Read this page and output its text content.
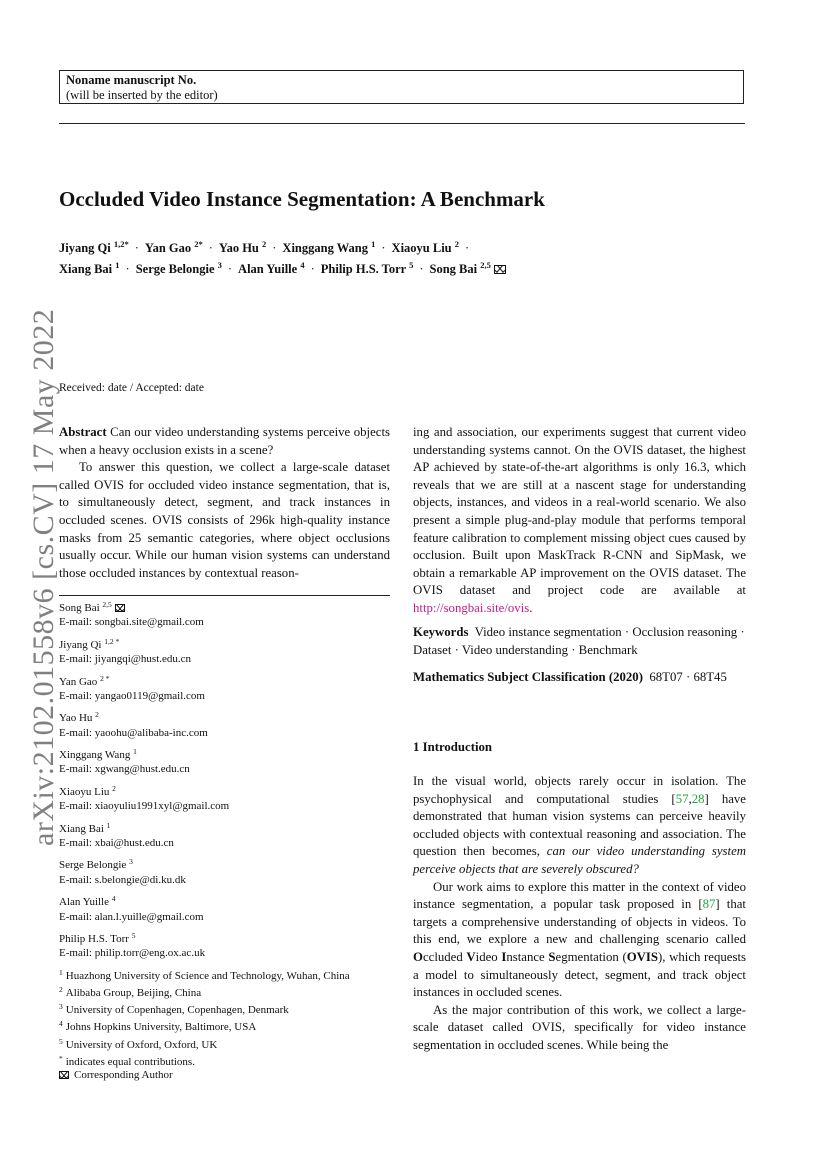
Noname manuscript No.
(will be inserted by the editor)
arXiv:2102.01558v6 [cs.CV] 17 May 2022
Occluded Video Instance Segmentation: A Benchmark
Jiyang Qi $^{1,2*}$ · Yan Gao $^{2*}$ · Yao Hu $^2$ · Xinggang Wang $^1$ · Xiaoyu Liu $^2$ ·
Xiang Bai $^1$ · Serge Belongie $^3$ · Alan Yuille $^4$ · Philip H.S. Torr $^5$ · Song Bai $^{2,5}$
Received: date / Accepted: date

Abstract Can our video understanding systems perceive objects when a heavy occlusion exists in a scene?

To answer this question, we collect a large-scale dataset called OVIS for occluded video instance segmentation, that is, to simultaneously detect, segment, and track instances in occluded scenes. OVIS consists of 296k high-quality instance masks from 25 semantic categories, where object occlusions usually occur. While our human vision systems can understand those occluded instances by contextual reason-

Song Bai $^{2,5}$
E-mail: songbai.site@gmail.com
Jiyang Qi $^{1,2 *}$
E-mail: jiyangqi@hust.edu.cn
Yan Gao $^{2 *}$
E-mail: yangao0119@gmail.com
Yao Hu $^2$
E-mail: yaoohu@alibaba-inc.com
Xinggang Wang $^1$
E-mail: xgwang@hust.edu.cn
Xiaoyu Liu $^2$
E-mail: xiaoyuliu1991xyl@gmail.com
Xiang Bai $^1$
E-mail: xbai@hust.edu.cn
Serge Belongie $^3$
E-mail: s.belongie@di.ku.dk
Alan Yuille $^4$
E-mail: alan.l.yuille@gmail.com
Philip H.S. Torr $^5$
E-mail: philip.torr@eng.ox.ac.uk
$^1$ Huazhong University of Science and Technology, Wuhan, China
$^2$ Alibaba Group, Beijing, China
$^3$ University of Copenhagen, Copenhagen, Denmark
$^4$ Johns Hopkins University, Baltimore, USA
$^5$ University of Oxford, Oxford, UK
* indicates equal contributions.
Corresponding Author

ing and association, our experiments suggest that current video understanding systems cannot. On the OVIS dataset, the highest AP achieved by state-of-the-art algorithms is only 16.3, which reveals that we are still at a nascent stage for understanding objects, instances, and videos in a real-world scenario. We also present a simple plug-and-play module that performs temporal feature calibration to complement missing object cues caused by occlusion. Built upon MaskTrack R-CNN and SipMask, we obtain a remarkable AP improvement on the OVIS dataset. The OVIS dataset and project code are available at http://songbai.site/ovis.

Keywords Video instance segmentation · Occlusion reasoning · Dataset · Video understanding · Benchmark
Mathematics Subject Classification (2020) 68T07 · 68T45
1 Introduction

In the visual world, objects rarely occur in isolation. The psychophysical and computational studies [57,28] have demonstrated that human vision systems can perceive heavily occluded objects with contextual reasoning and association. The question then becomes, can our video understanding system perceive objects that are severely obscured?

Our work aims to explore this matter in the context of video instance segmentation, a popular task proposed in [87] that targets a comprehensive understanding of objects in videos. To this end, we explore a new and challenging scenario called Occluded Video Instance Segmentation (OVIS), which requests a model to simultaneously detect, segment, and track object instances in occluded scenes.

As the major contribution of this work, we collect a large-scale dataset called OVIS, specifically for video instance segmentation in occluded scenes. While being the
